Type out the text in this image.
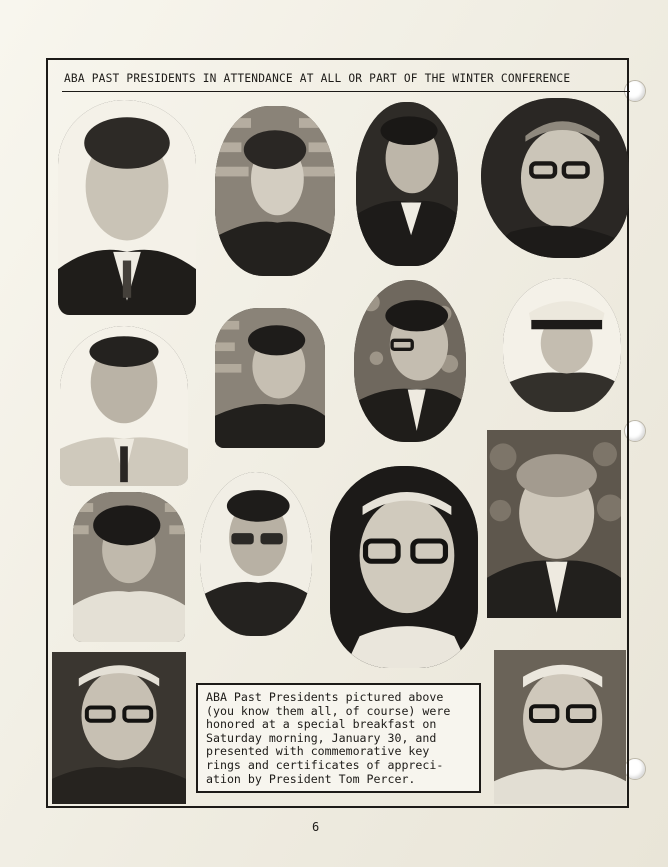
ABA PAST PRESIDENTS IN ATTENDANCE AT ALL OR PART OF THE WINTER CONFERENCE
ABA Past Presidents pictured above
(you know them all, of course) were
honored at a special breakfast on
Saturday morning, January 30, and
presented with commemorative key
rings and certificates of appreci-
ation by President Tom Percer.
6
